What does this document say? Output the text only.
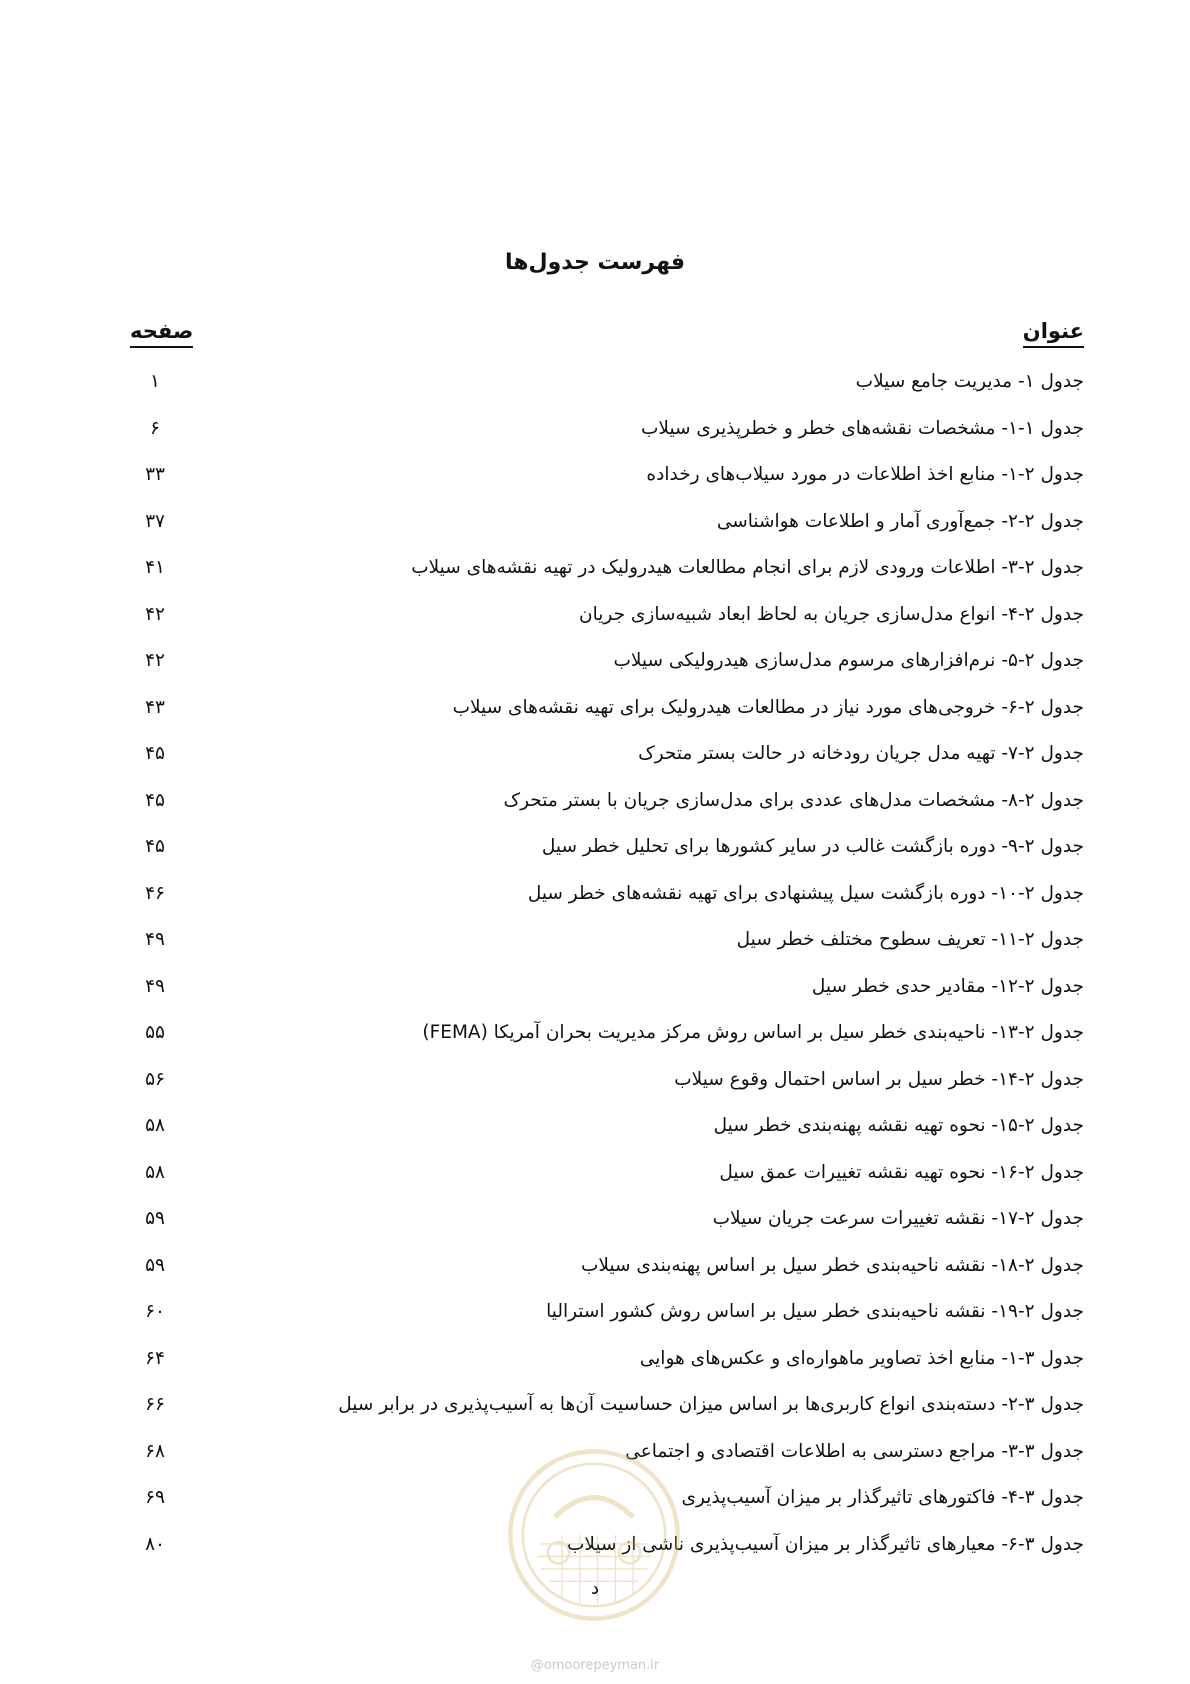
فهرست جدول‌ها
عنوان
صفحه
جدول ۱- مدیریت جامع سیلاب
۱
جدول ۱-۱- مشخصات نقشه‌های خطر و خطرپذیری سیلاب
۶
جدول ۲-۱- منابع اخذ اطلاعات در مورد سیلاب‌های رخداده
۳۳
جدول ۲-۲- جمع‌آوری آمار و اطلاعات هواشناسی
۳۷
جدول ۲-۳- اطلاعات ورودی لازم برای انجام مطالعات هیدرولیک در تهیه نقشه‌های سیلاب
۴۱
جدول ۲-۴- انواع مدل‌سازی جریان به لحاظ ابعاد شبیه‌سازی جریان
۴۲
جدول ۲-۵- نرم‌افزارهای مرسوم مدل‌سازی هیدرولیکی سیلاب
۴۲
جدول ۲-۶- خروجی‌های مورد نیاز در مطالعات هیدرولیک برای تهیه نقشه‌های سیلاب
۴۳
جدول ۲-۷- تهیه مدل جریان رودخانه در حالت بستر متحرک
۴۵
جدول ۲-۸- مشخصات مدل‌های عددی برای مدل‌سازی جریان با بستر متحرک
۴۵
جدول ۲-۹- دوره بازگشت غالب در سایر کشورها برای تحلیل خطر سیل
۴۵
جدول ۲-۱۰- دوره بازگشت سیل پیشنهادی برای تهیه نقشه‌های خطر سیل
۴۶
جدول ۲-۱۱- تعریف سطوح مختلف خطر سیل
۴۹
جدول ۲-۱۲- مقادیر حدی خطر سیل
۴۹
جدول ۲-۱۳- ناحیه‌بندی خطر سیل بر اساس روش مرکز مدیریت بحران آمریکا (FEMA)
۵۵
جدول ۲-۱۴- خطر سیل بر اساس احتمال وقوع سیلاب
۵۶
جدول ۲-۱۵- نحوه تهیه نقشه پهنه‌بندی خطر سیل
۵۸
جدول ۲-۱۶- نحوه تهیه نقشه تغییرات عمق سیل
۵۸
جدول ۲-۱۷- نقشه تغییرات سرعت جریان سیلاب
۵۹
جدول ۲-۱۸- نقشه ناحیه‌بندی خطر سیل بر اساس پهنه‌بندی سیلاب
۵۹
جدول ۲-۱۹- نقشه ناحیه‌بندی خطر سیل بر اساس روش کشور استرالیا
۶۰
جدول ۳-۱- منابع اخذ تصاویر ماهواره‌ای و عکس‌های هوایی
۶۴
جدول ۳-۲- دسته‌بندی انواع کاربری‌ها بر اساس میزان حساسیت آن‌ها به آسیب‌پذیری در برابر سیل
۶۶
جدول ۳-۳- مراجع دسترسی به اطلاعات اقتصادی و اجتماعی
۶۸
جدول ۳-۴- فاکتورهای تاثیرگذار بر میزان آسیب‌پذیری
۶۹
جدول ۳-۶- معیارهای تاثیرگذار بر میزان آسیب‌پذیری ناشی از سیلاب
۸۰
د
@omoorepeyman.ir
